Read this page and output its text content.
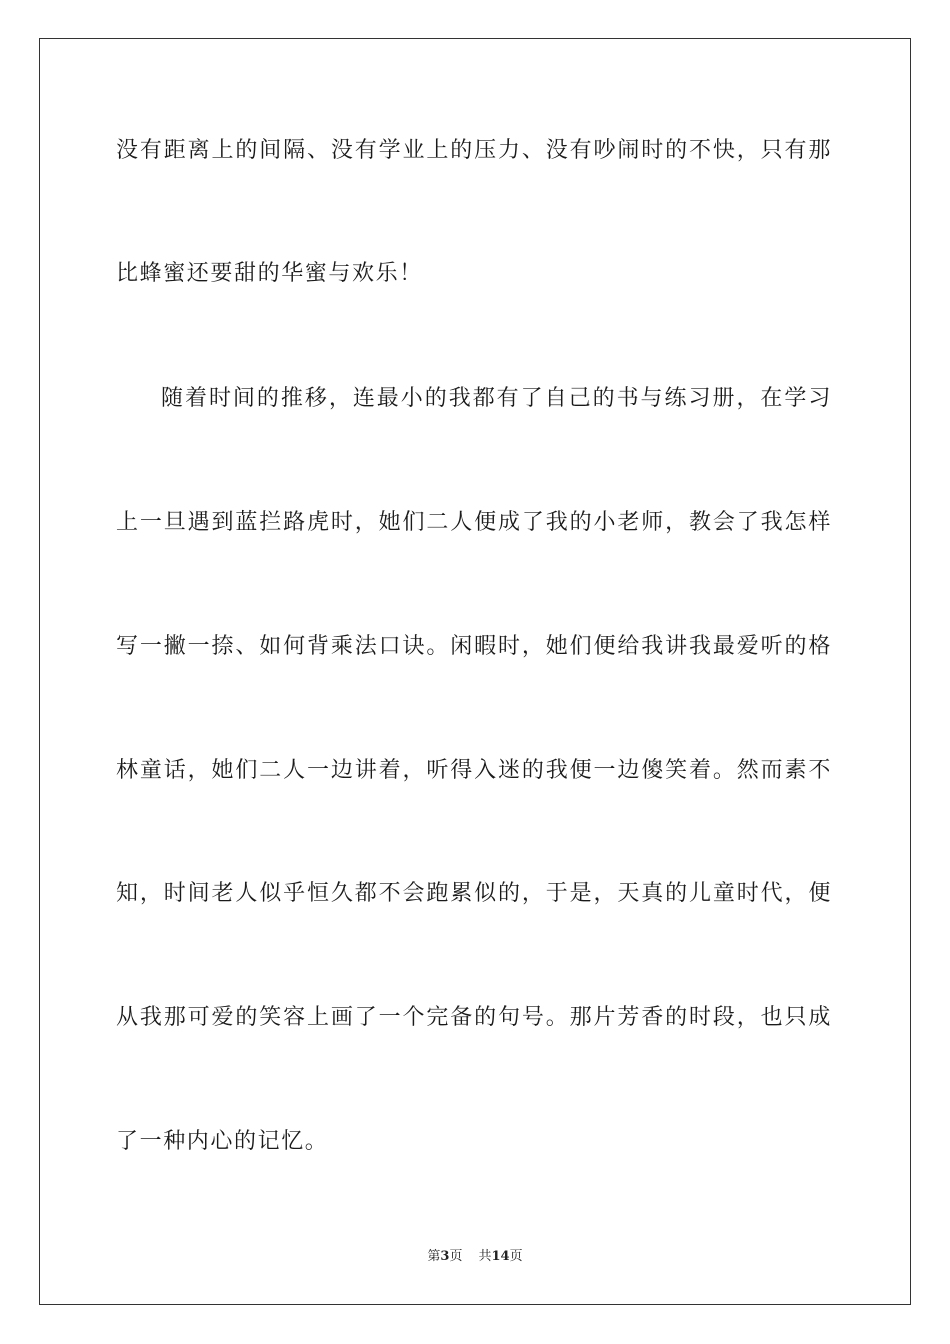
没有距离上的间隔、没有学业上的压力、没有吵闹时的不快，只有那
比蜂蜜还要甜的华蜜与欢乐！
随着时间的推移，连最小的我都有了自己的书与练习册，在学习
上一旦遇到蓝拦路虎时，她们二人便成了我的小老师，教会了我怎样
写一撇一捺、如何背乘法口诀。闲暇时，她们便给我讲我最爱听的格
林童话，她们二人一边讲着，听得入迷的我便一边傻笑着。然而素不
知，时间老人似乎恒久都不会跑累似的，于是，天真的儿童时代，便
从我那可爱的笑容上画了一个完备的句号。那片芳香的时段，也只成
了一种内心的记忆。
第3页 共14页
